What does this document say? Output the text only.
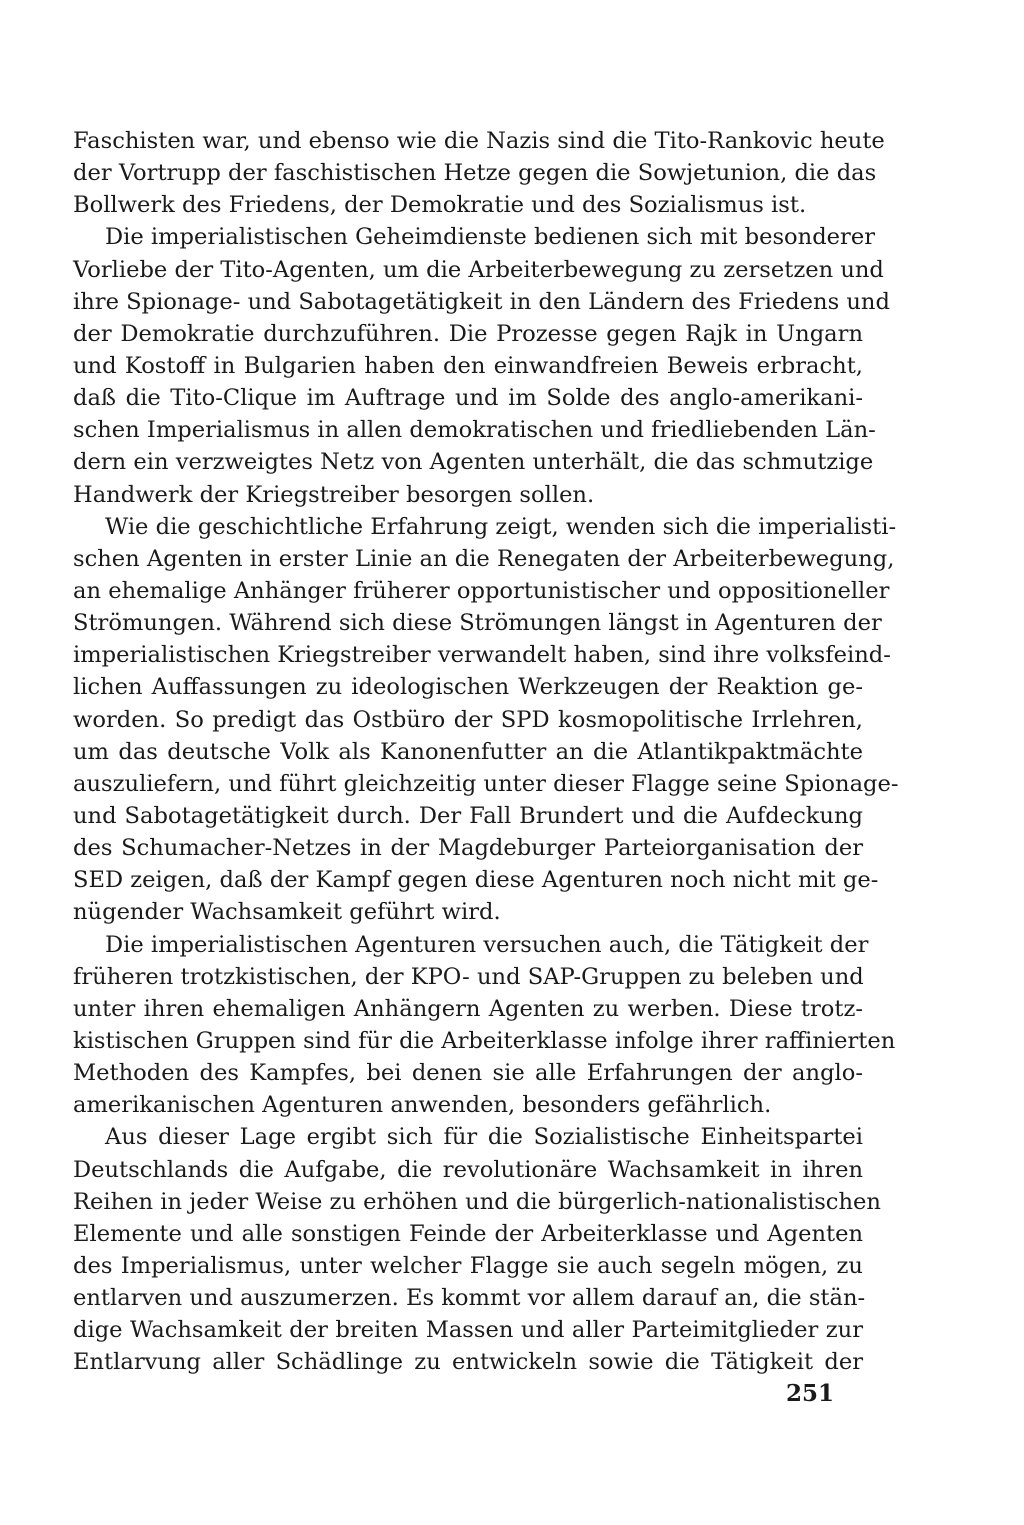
Faschisten war, und ebenso wie die Nazis sind die Tito-Rankovic heute
der Vortrupp der faschistischen Hetze gegen die Sowjetunion, die das
Bollwerk des Friedens, der Demokratie und des Sozialismus ist.
Die imperialistischen Geheimdienste bedienen sich mit besonderer
Vorliebe der Tito-Agenten, um die Arbeiterbewegung zu zersetzen und
ihre Spionage- und Sabotagetätigkeit in den Ländern des Friedens und
der Demokratie durchzuführen. Die Prozesse gegen Rajk in Ungarn
und Kostoff in Bulgarien haben den einwandfreien Beweis erbracht,
daß die Tito-Clique im Auftrage und im Solde des anglo-amerikani-
schen Imperialismus in allen demokratischen und friedliebenden Län-
dern ein verzweigtes Netz von Agenten unterhält, die das schmutzige
Handwerk der Kriegstreiber besorgen sollen.
Wie die geschichtliche Erfahrung zeigt, wenden sich die imperialisti-
schen Agenten in erster Linie an die Renegaten der Arbeiterbewegung,
an ehemalige Anhänger früherer opportunistischer und oppositioneller
Strömungen. Während sich diese Strömungen längst in Agenturen der
imperialistischen Kriegstreiber verwandelt haben, sind ihre volksfeind-
lichen Auffassungen zu ideologischen Werkzeugen der Reaktion ge-
worden. So predigt das Ostbüro der SPD kosmopolitische Irrlehren,
um das deutsche Volk als Kanonenfutter an die Atlantikpaktmächte
auszuliefern, und führt gleichzeitig unter dieser Flagge seine Spionage-
und Sabotagetätigkeit durch. Der Fall Brundert und die Aufdeckung
des Schumacher-Netzes in der Magdeburger Parteiorganisation der
SED zeigen, daß der Kampf gegen diese Agenturen noch nicht mit ge-
nügender Wachsamkeit geführt wird.
Die imperialistischen Agenturen versuchen auch, die Tätigkeit der
früheren trotzkistischen, der KPO- und SAP-Gruppen zu beleben und
unter ihren ehemaligen Anhängern Agenten zu werben. Diese trotz-
kistischen Gruppen sind für die Arbeiterklasse infolge ihrer raffinierten
Methoden des Kampfes, bei denen sie alle Erfahrungen der anglo-
amerikanischen Agenturen anwenden, besonders gefährlich.
Aus dieser Lage ergibt sich für die Sozialistische Einheitspartei
Deutschlands die Aufgabe, die revolutionäre Wachsamkeit in ihren
Reihen in jeder Weise zu erhöhen und die bürgerlich-nationalistischen
Elemente und alle sonstigen Feinde der Arbeiterklasse und Agenten
des Imperialismus, unter welcher Flagge sie auch segeln mögen, zu
entlarven und auszumerzen. Es kommt vor allem darauf an, die stän-
dige Wachsamkeit der breiten Massen und aller Parteimitglieder zur
Entlarvung aller Schädlinge zu entwickeln sowie die Tätigkeit der
251
